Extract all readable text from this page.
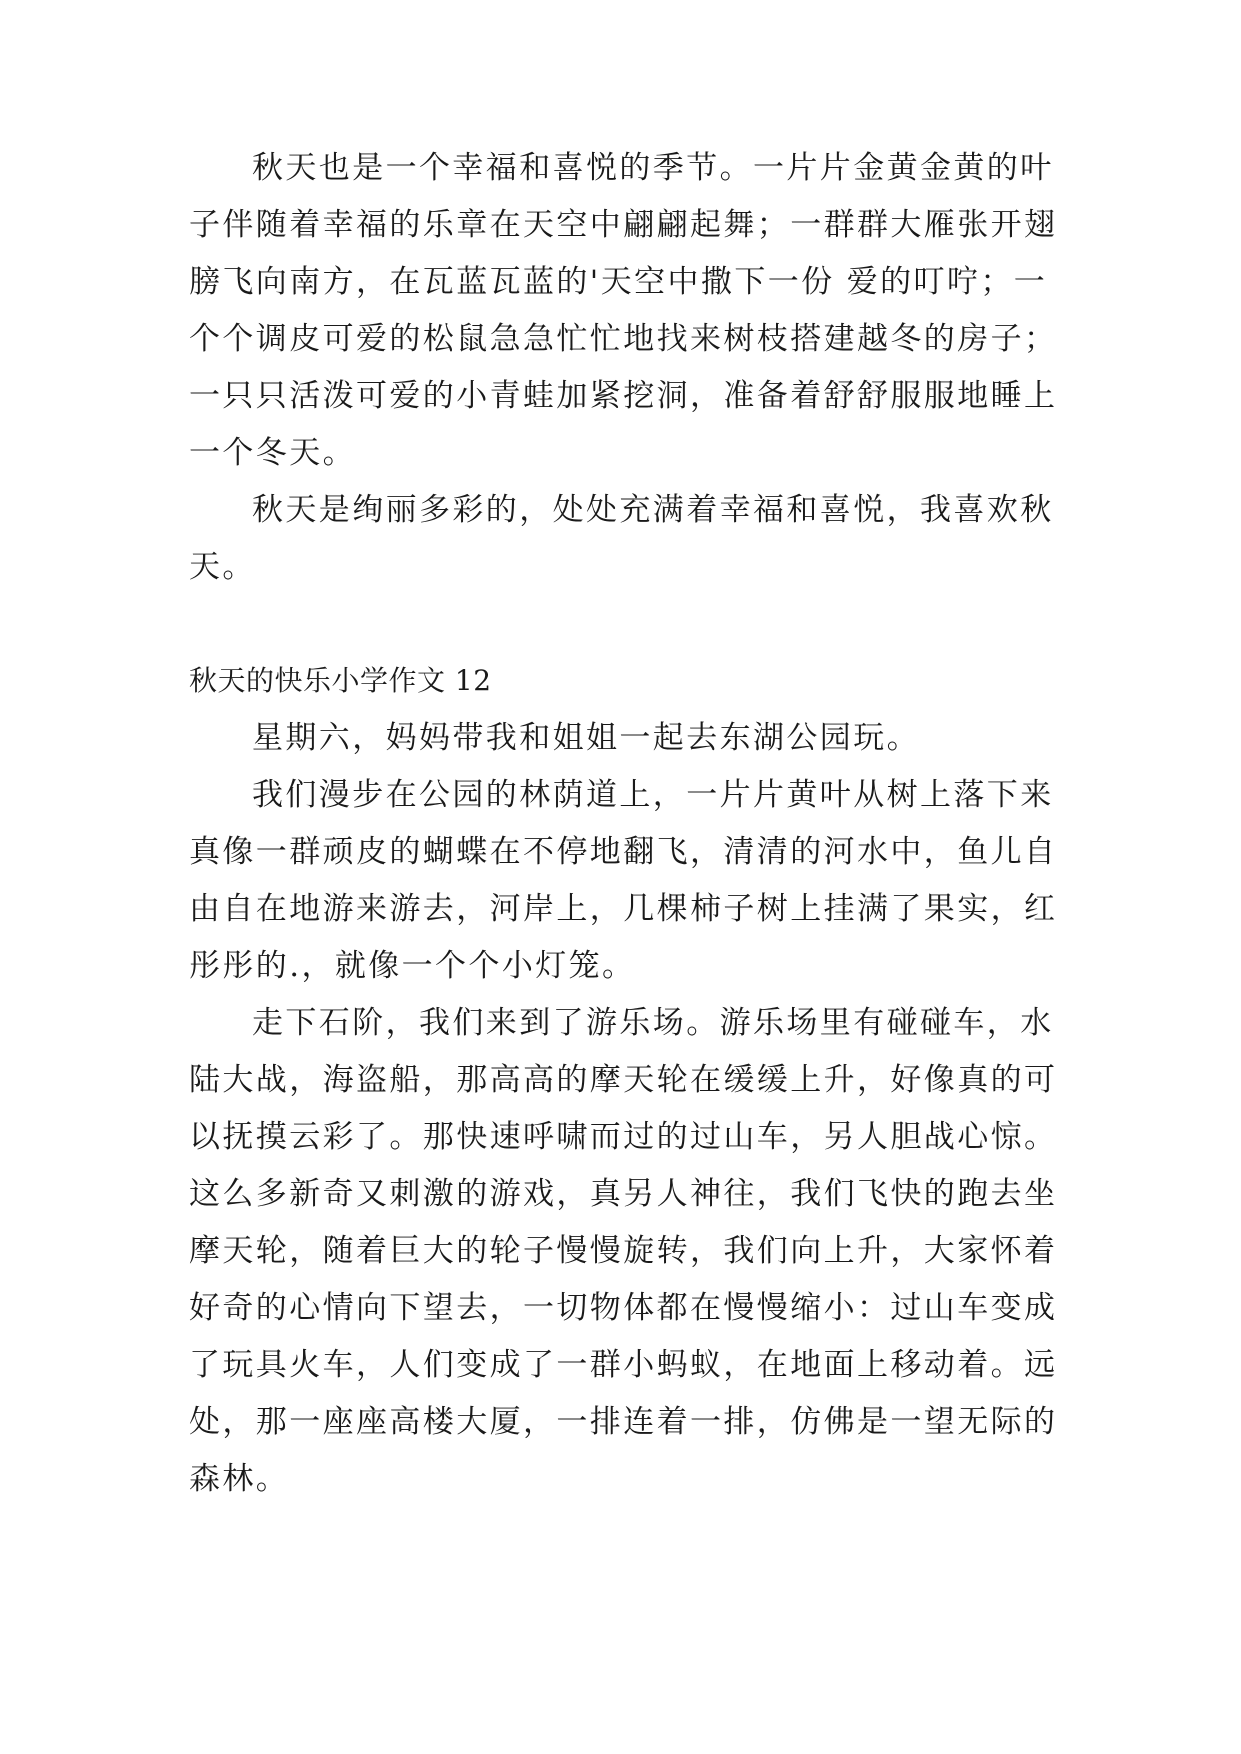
秋天也是一个幸福和喜悦的季节。一片片金黄金黄的叶

子伴随着幸福的乐章在天空中翩翩起舞；一群群大雁张开翅

膀飞向南方，在瓦蓝瓦蓝的'天空中撒下一份 爱的叮咛；一

个个调皮可爱的松鼠急急忙忙地找来树枝搭建越冬的房子；

一只只活泼可爱的小青蛙加紧挖洞，准备着舒舒服服地睡上

一个冬天。

秋天是绚丽多彩的，处处充满着幸福和喜悦，我喜欢秋

天。

秋天的快乐小学作文 12

星期六，妈妈带我和姐姐一起去东湖公园玩。

我们漫步在公园的林荫道上，一片片黄叶从树上落下来

真像一群顽皮的蝴蝶在不停地翻飞，清清的河水中，鱼儿自

由自在地游来游去，河岸上，几棵柿子树上挂满了果实，红

彤彤的.，就像一个个小灯笼。

走下石阶，我们来到了游乐场。游乐场里有碰碰车，水

陆大战，海盗船，那高高的摩天轮在缓缓上升，好像真的可

以抚摸云彩了。那快速呼啸而过的过山车，另人胆战心惊。

这么多新奇又刺激的游戏，真另人神往，我们飞快的跑去坐

摩天轮，随着巨大的轮子慢慢旋转，我们向上升，大家怀着

好奇的心情向下望去，一切物体都在慢慢缩小：过山车变成

了玩具火车，人们变成了一群小蚂蚁，在地面上移动着。远

处，那一座座高楼大厦，一排连着一排，仿佛是一望无际的

森林。
